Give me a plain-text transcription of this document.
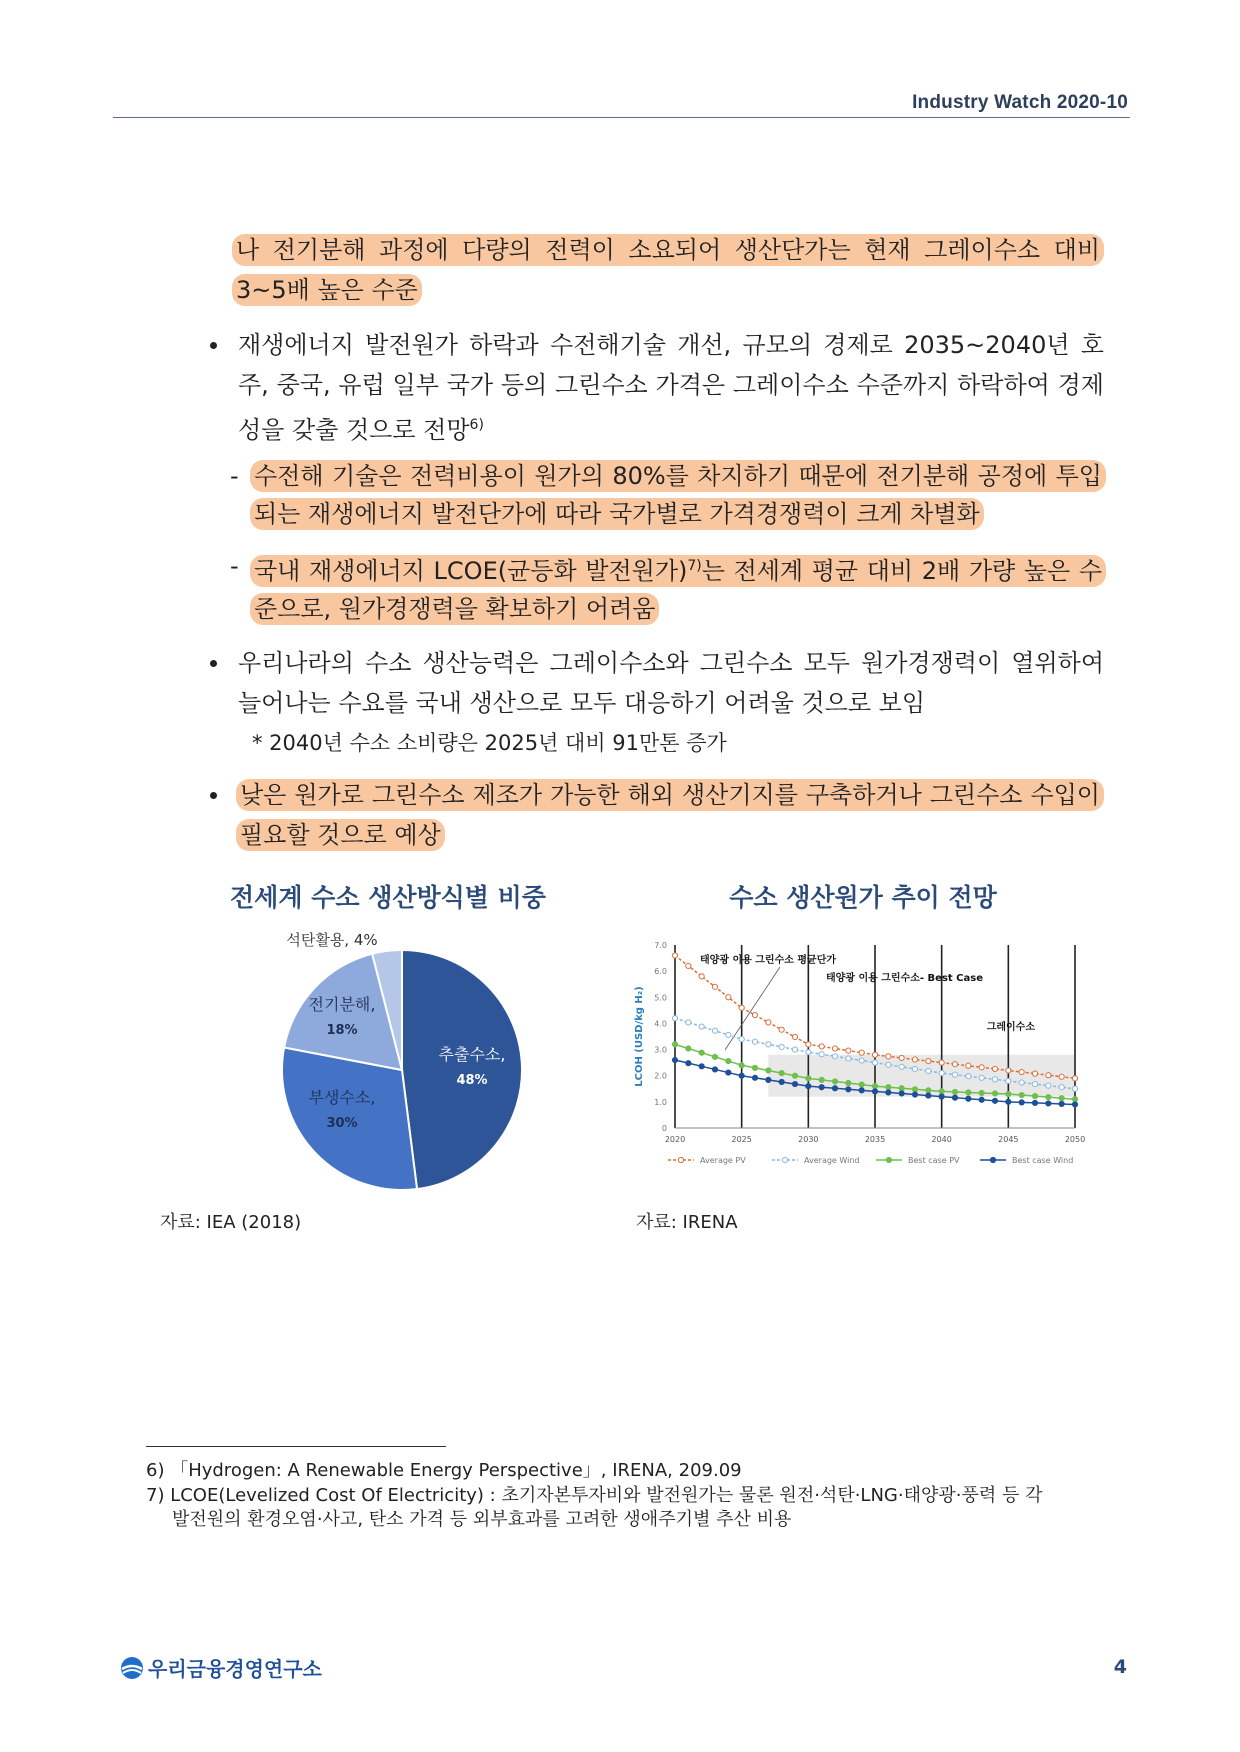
Industry Watch 2020-10
나 전기분해 과정에 다량의 전력이 소요되어 생산단가는 현재 그레이수소 대비 3~5배 높은 수준
재생에너지 발전원가 하락과 수전해기술 개선, 규모의 경제로 2035~2040년 호주, 중국, 유럽 일부 국가 등의 그린수소 가격은 그레이수소 수준까지 하락하여 경제성을 갖출 것으로 전망$^{6)}$
- 수전해 기술은 전력비용이 원가의 80%를 차지하기 때문에 전기분해 공정에 투입되는 재생에너지 발전단가에 따라 국가별로 가격경쟁력이 크게 차별화
- 국내 재생에너지 LCOE(균등화 발전원가)$^{7)}$는 전세계 평균 대비 2배 가량 높은 수준으로, 원가경쟁력을 확보하기 어려움
우리나라의 수소 생산능력은 그레이수소와 그린수소 모두 원가경쟁력이 열위하여 늘어나는 수요를 국내 생산으로 모두 대응하기 어려울 것으로 보임
* 2040년 수소 소비량은 2025년 대비 91만톤 증가
낮은 원가로 그린수소 제조가 가능한 해외 생산기지를 구축하거나 그린수소 수입이 필요할 것으로 예상
전세계 수소 생산방식별 비중	수소 생산원가 추이 전망
추출수소,
48%
부생수소,
30%
전기분해,
18%
석탄활용, 4%
2020	2025	2030	2035	2040	2045	2050
0
1.0
2.0
3.0
4.0
5.0
6.0
7.0
LCOH (USD/kg H₂)
태양광 이용 그린수소 평균단가
태양광 이용 그린수소- Best Case
그레이수소
Average PV	Average Wind	Best case PV	Best case Wind
자료: IEA (2018)	자료: IRENA
6) 「Hydrogen: A Renewable Energy Perspective」, IRENA, 209.09
7) LCOE(Levelized Cost Of Electricity) : 초기자본투자비와 발전원가는 물론 원전·석탄·LNG·태양광·풍력 등 각
발전원의 환경오염·사고, 탄소 가격 등 외부효과를 고려한 생애주기별 추산 비용
우리금융경영연구소	4
